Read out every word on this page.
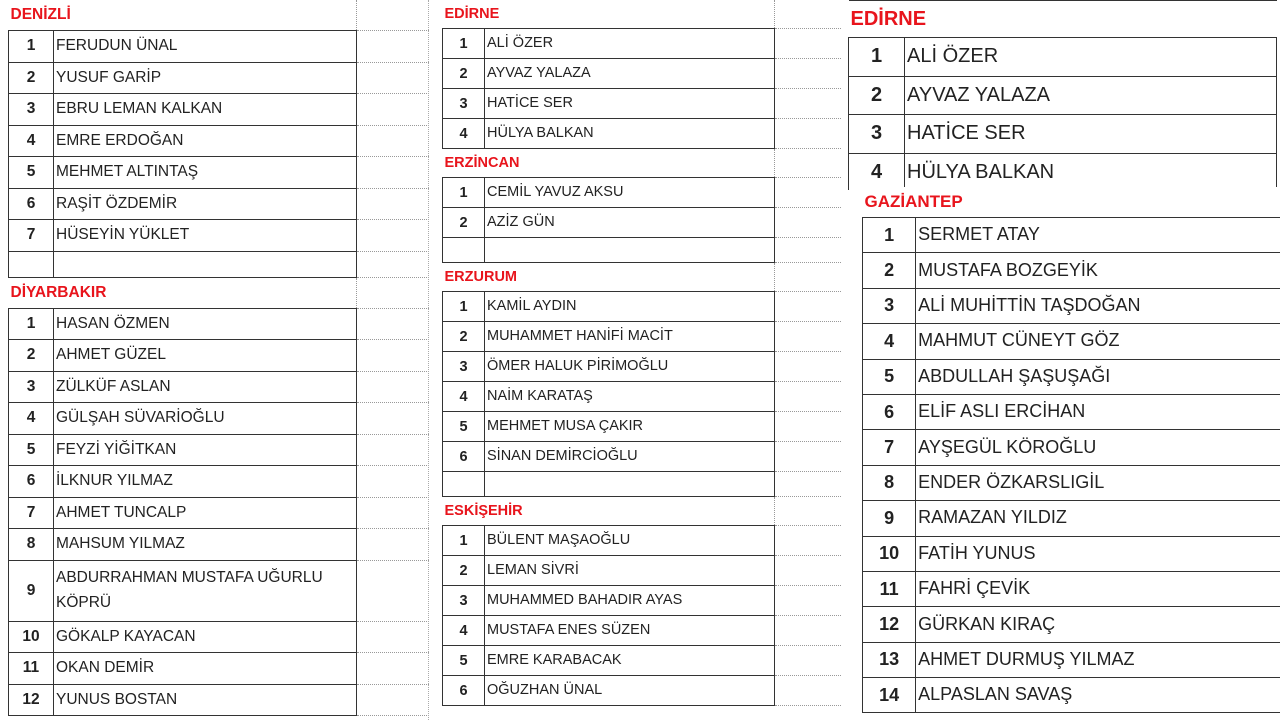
DENİZLİ		
1	FERUDUN ÜNAL	
2	YUSUF GARİP	
3	EBRU LEMAN KALKAN	
4	EMRE ERDOĞAN	
5	MEHMET ALTINTAŞ	
6	RAŞİT ÖZDEMİR	
7	HÜSEYİN YÜKLET	

DİYARBAKIR		
1	HASAN ÖZMEN	
2	AHMET GÜZEL	
3	ZÜLKÜF ASLAN	
4	GÜLŞAH SÜVARİOĞLU	
5	FEYZİ YİĞİTKAN	
6	İLKNUR YILMAZ	
7	AHMET TUNCALP	
8	MAHSUM YILMAZ	
9	ABDURRAHMAN MUSTAFA UĞURLU KÖPRÜ	
10	GÖKALP KAYACAN	
11	OKAN DEMİR	
12	YUNUS BOSTAN	
EDİRNE		
1	ALİ ÖZER	
2	AYVAZ YALAZA	
3	HATİCE SER	
4	HÜLYA BALKAN	
ERZİNCAN		
1	CEMİL YAVUZ AKSU	
2	AZİZ GÜN	

ERZURUM		
1	KAMİL AYDIN	
2	MUHAMMET HANİFİ MACİT	
3	ÖMER HALUK PİRİMOĞLU	
4	NAİM KARATAŞ	
5	MEHMET MUSA ÇAKIR	
6	SİNAN DEMİRCİOĞLU	

ESKİŞEHİR		
1	BÜLENT MAŞAOĞLU	
2	LEMAN SİVRİ	
3	MUHAMMED BAHADIR AYAS	
4	MUSTAFA ENES SÜZEN	
5	EMRE KARABACAK	
6	OĞUZHAN ÜNAL	
EDİRNE	
1	ALİ ÖZER
2	AYVAZ YALAZA
3	HATİCE SER
4	HÜLYA BALKAN
GAZİANTEP	
1	SERMET ATAY
2	MUSTAFA BOZGEYİK
3	ALİ MUHİTTİN TAŞDOĞAN
4	MAHMUT CÜNEYT GÖZ
5	ABDULLAH ŞAŞUŞAĞI
6	ELİF ASLI ERCİHAN
7	AYŞEGÜL KÖROĞLU
8	ENDER ÖZKARSLIGİL
9	RAMAZAN YILDIZ
10	FATİH YUNUS
11	FAHRİ ÇEVİK
12	GÜRKAN KIRAÇ
13	AHMET DURMUŞ YILMAZ
14	ALPASLAN SAVAŞ
